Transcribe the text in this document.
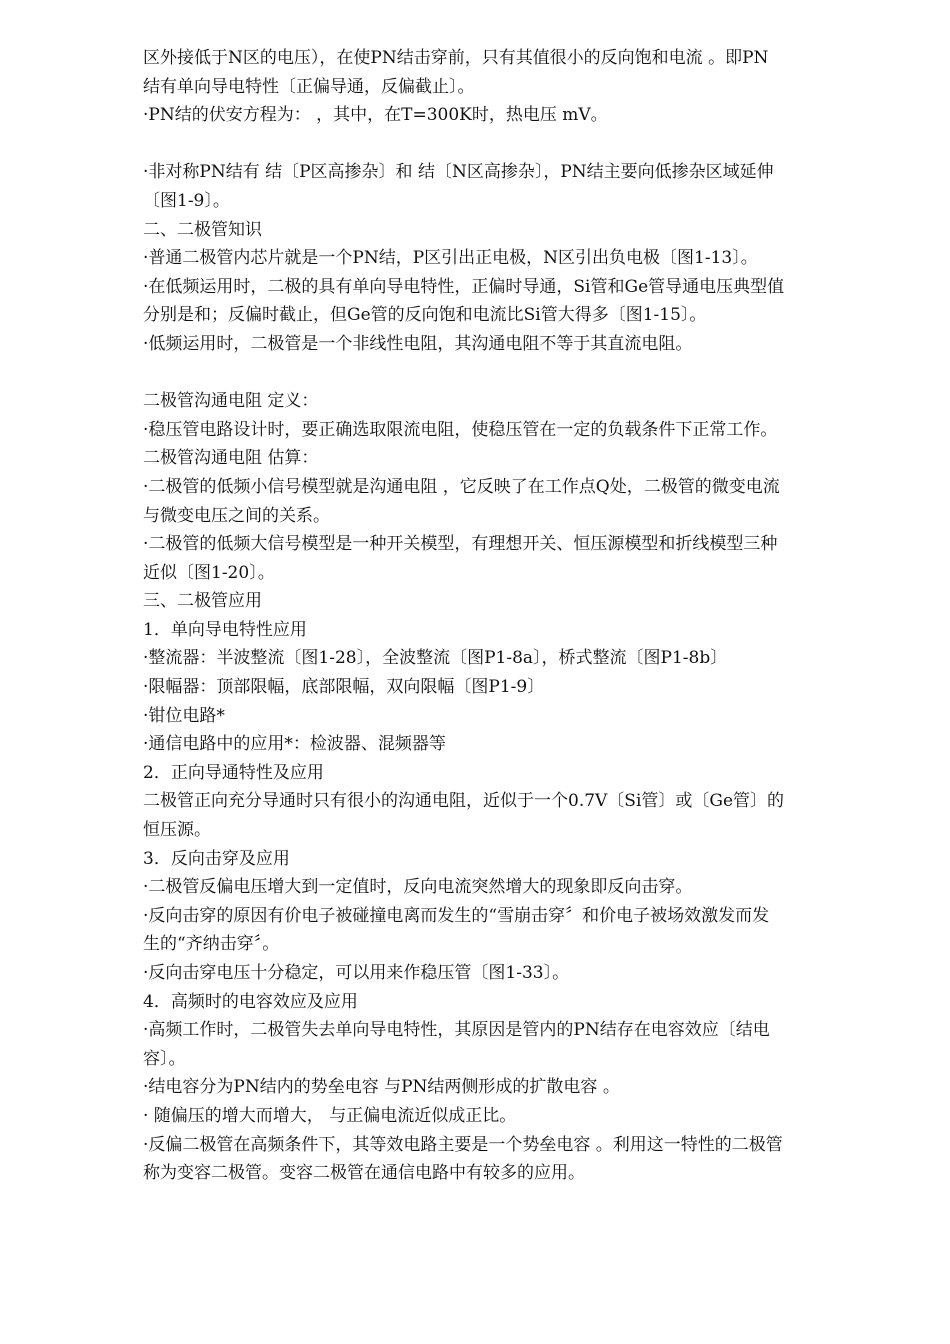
区外接低于N区的电压），在使PN结击穿前，只有其值很小的反向饱和电流 。即PN
结有单向导电特性〔正偏导通，反偏截止〕。
·PN结的伏安方程为： ，其中，在T=300K时，热电压 mV。
·非对称PN结有 结〔P区高掺杂〕和 结〔N区高掺杂〕，PN结主要向低掺杂区域延伸
〔图1-9〕。
二、二极管知识
·普通二极管内芯片就是一个PN结，P区引出正电极，N区引出负电极〔图1-13〕。
·在低频运用时，二极的具有单向导电特性，正偏时导通，Si管和Ge管导通电压典型值
分别是和；反偏时截止，但Ge管的反向饱和电流比Si管大得多〔图1-15〕。
·低频运用时，二极管是一个非线性电阻，其沟通电阻不等于其直流电阻。
二极管沟通电阻 定义：
·稳压管电路设计时，要正确选取限流电阻，使稳压管在一定的负载条件下正常工作。
二极管沟通电阻 估算：
·二极管的低频小信号模型就是沟通电阻 ，它反映了在工作点Q处，二极管的微变电流
与微变电压之间的关系。
·二极管的低频大信号模型是一种开关模型，有理想开关、恒压源模型和折线模型三种
近似〔图1-20〕。
三、二极管应用
1．单向导电特性应用
·整流器：半波整流〔图1-28〕，全波整流〔图P1-8a〕，桥式整流〔图P1-8b〕
·限幅器：顶部限幅，底部限幅，双向限幅〔图P1-9〕
·钳位电路*
·通信电路中的应用*：检波器、混频器等
2．正向导通特性及应用
二极管正向充分导通时只有很小的沟通电阻，近似于一个0.7V〔Si管〕或〔Ge管〕的
恒压源。
3．反向击穿及应用
·二极管反偏电压增大到一定值时，反向电流突然增大的现象即反向击穿。
·反向击穿的原因有价电子被碰撞电离而发生的“雪崩击穿〞和价电子被场效激发而发
生的“齐纳击穿〞。
·反向击穿电压十分稳定，可以用来作稳压管〔图1-33〕。
4．高频时的电容效应及应用
·高频工作时，二极管失去单向导电特性，其原因是管内的PN结存在电容效应〔结电
容〕。
·结电容分为PN结内的势垒电容 与PN结两侧形成的扩散电容 。
· 随偏压的增大而增大， 与正偏电流近似成正比。
·反偏二极管在高频条件下，其等效电路主要是一个势垒电容 。利用这一特性的二极管
称为变容二极管。变容二极管在通信电路中有较多的应用。
